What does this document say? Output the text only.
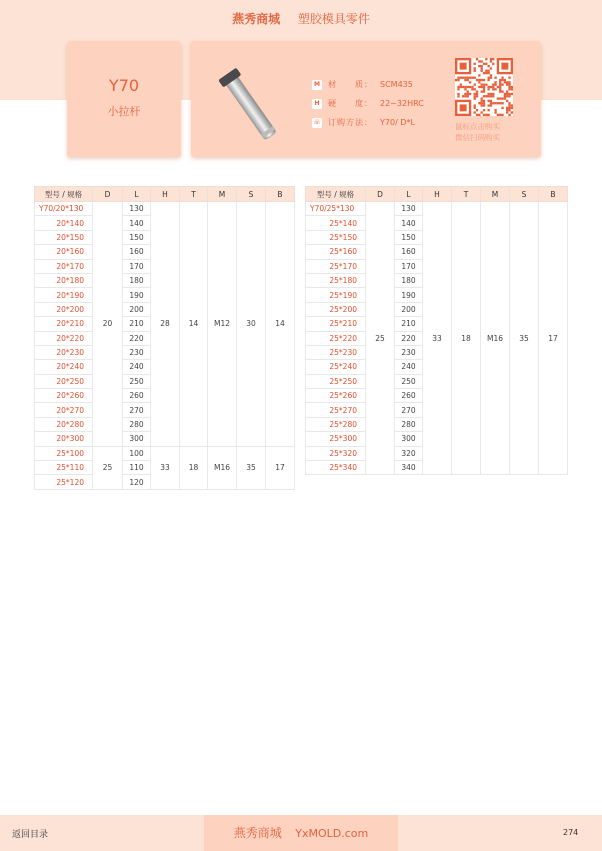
燕秀商城 塑胶模具零件
Y70
小拉杆
M 材　　质： SCM435
H	硬　　度： 22~32HRC
☏ 订购方法： Y70/ D*L	鼠标点击购买
微信扫码购买
型号 / 规格	D	L	H	T	M	S	B
Y70/20*130	20	130	28	14	M12	30	14
20*140		140					
20*150		150					
20*160		160					
20*170		170					
20*180		180					
20*190		190					
20*200		200					
20*210		210					
20*220		220					
20*230		230					
20*240		240					
20*250		250					
20*260		260					
20*270		270					
20*280		280					
20*300		300					
25*100	25	100	33	18	M16	35	17
25*110		110					
25*120		120					
型号 / 规格	D	L	H	T	M	S	B
Y70/25*130	25	130	33	18	M16	35	17
25*140		140					
25*150		150					
25*160		160					
25*170		170					
25*180		180					
25*190		190					
25*200		200					
25*210		210					
25*220		220					
25*230		230					
25*240		240					
25*250		250					
25*260		260					
25*270		270					
25*280		280					
25*300		300					
25*320		320					
25*340		340					
返回目录	燕秀商城 YxMOLD.com	274
